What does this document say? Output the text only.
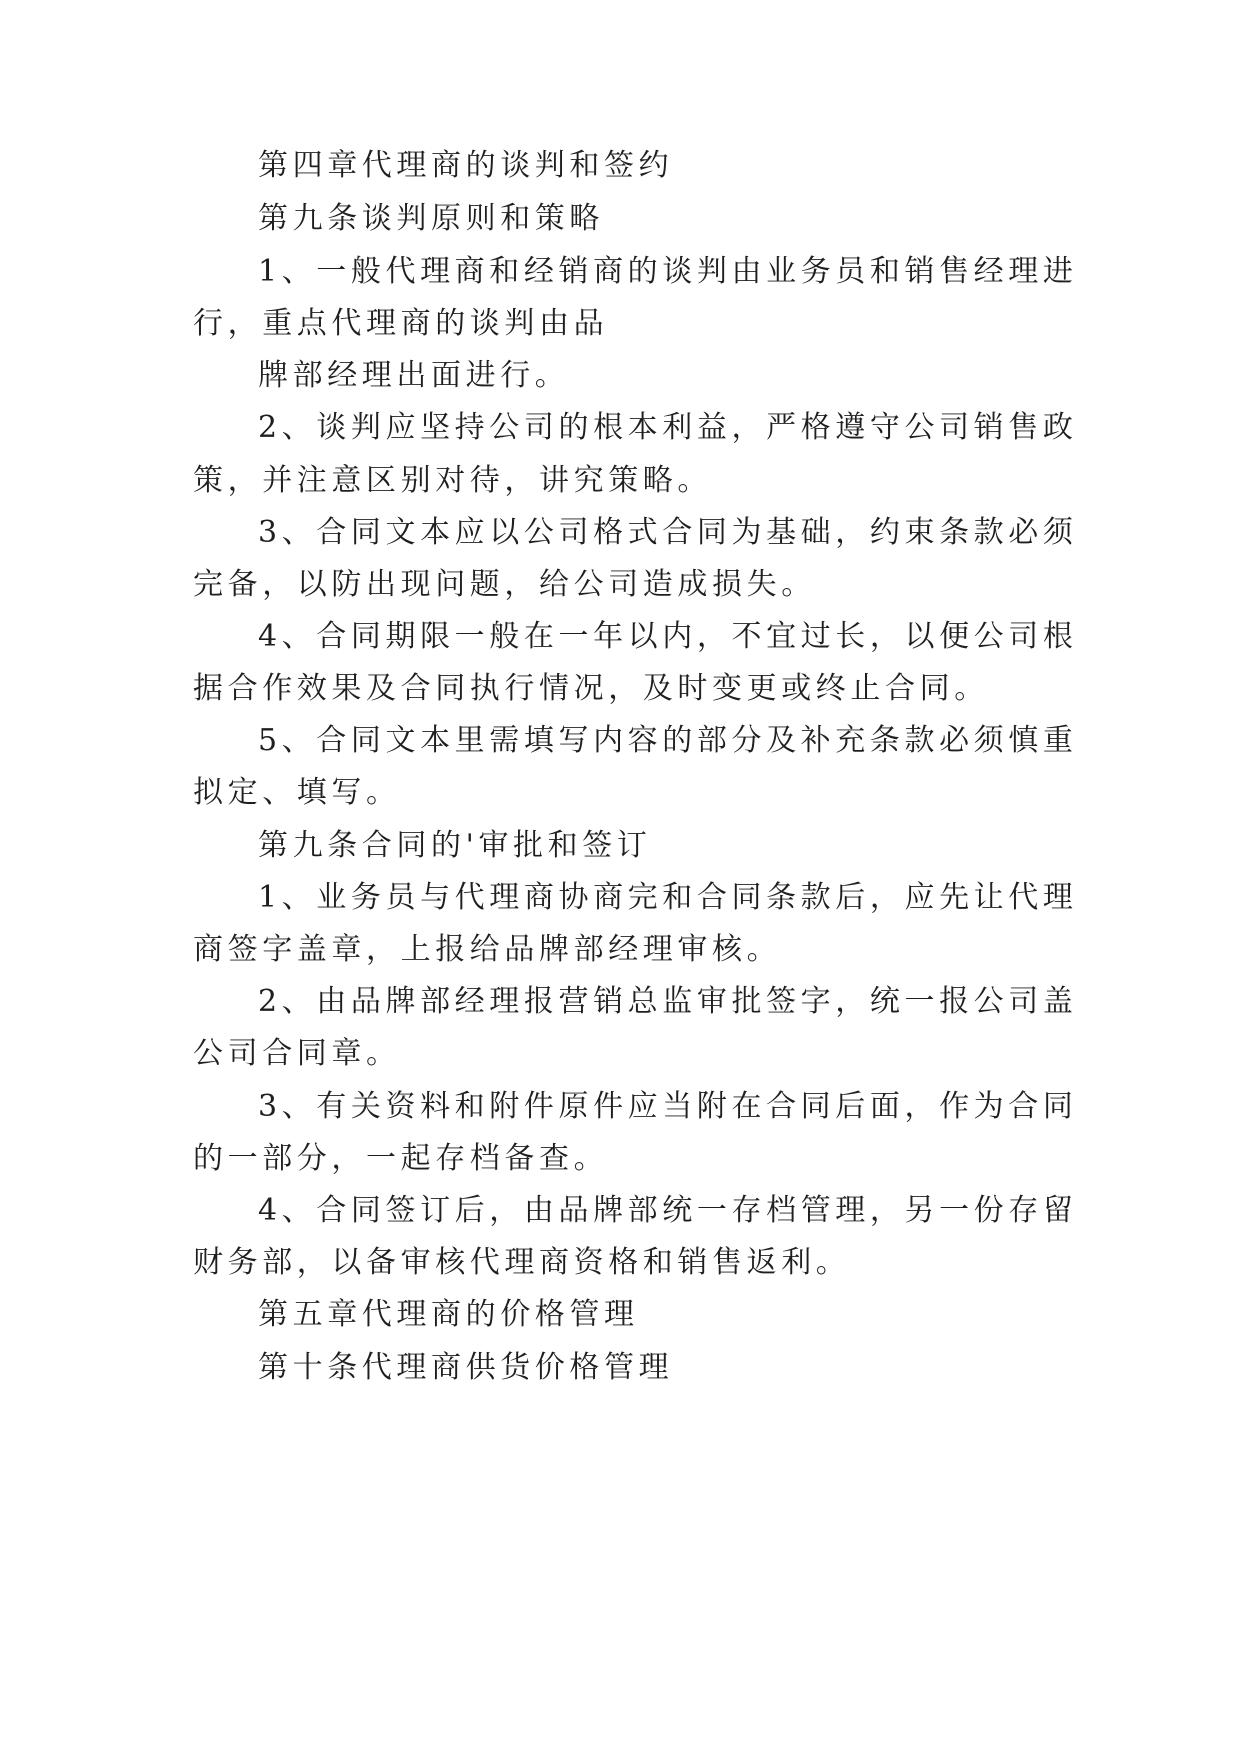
第四章代理商的谈判和签约
第九条谈判原则和策略
1、一般代理商和经销商的谈判由业务员和销售经理进
行，重点代理商的谈判由品
牌部经理出面进行。
2、谈判应坚持公司的根本利益，严格遵守公司销售政
策，并注意区别对待，讲究策略。
3、合同文本应以公司格式合同为基础，约束条款必须
完备，以防出现问题，给公司造成损失。
4、合同期限一般在一年以内，不宜过长，以便公司根
据合作效果及合同执行情况，及时变更或终止合同。
5、合同文本里需填写内容的部分及补充条款必须慎重
拟定、填写。
第九条合同的'审批和签订
1、业务员与代理商协商完和合同条款后，应先让代理
商签字盖章，上报给品牌部经理审核。
2、由品牌部经理报营销总监审批签字，统一报公司盖
公司合同章。
3、有关资料和附件原件应当附在合同后面，作为合同
的一部分，一起存档备查。
4、合同签订后，由品牌部统一存档管理，另一份存留
财务部，以备审核代理商资格和销售返利。
第五章代理商的价格管理
第十条代理商供货价格管理
